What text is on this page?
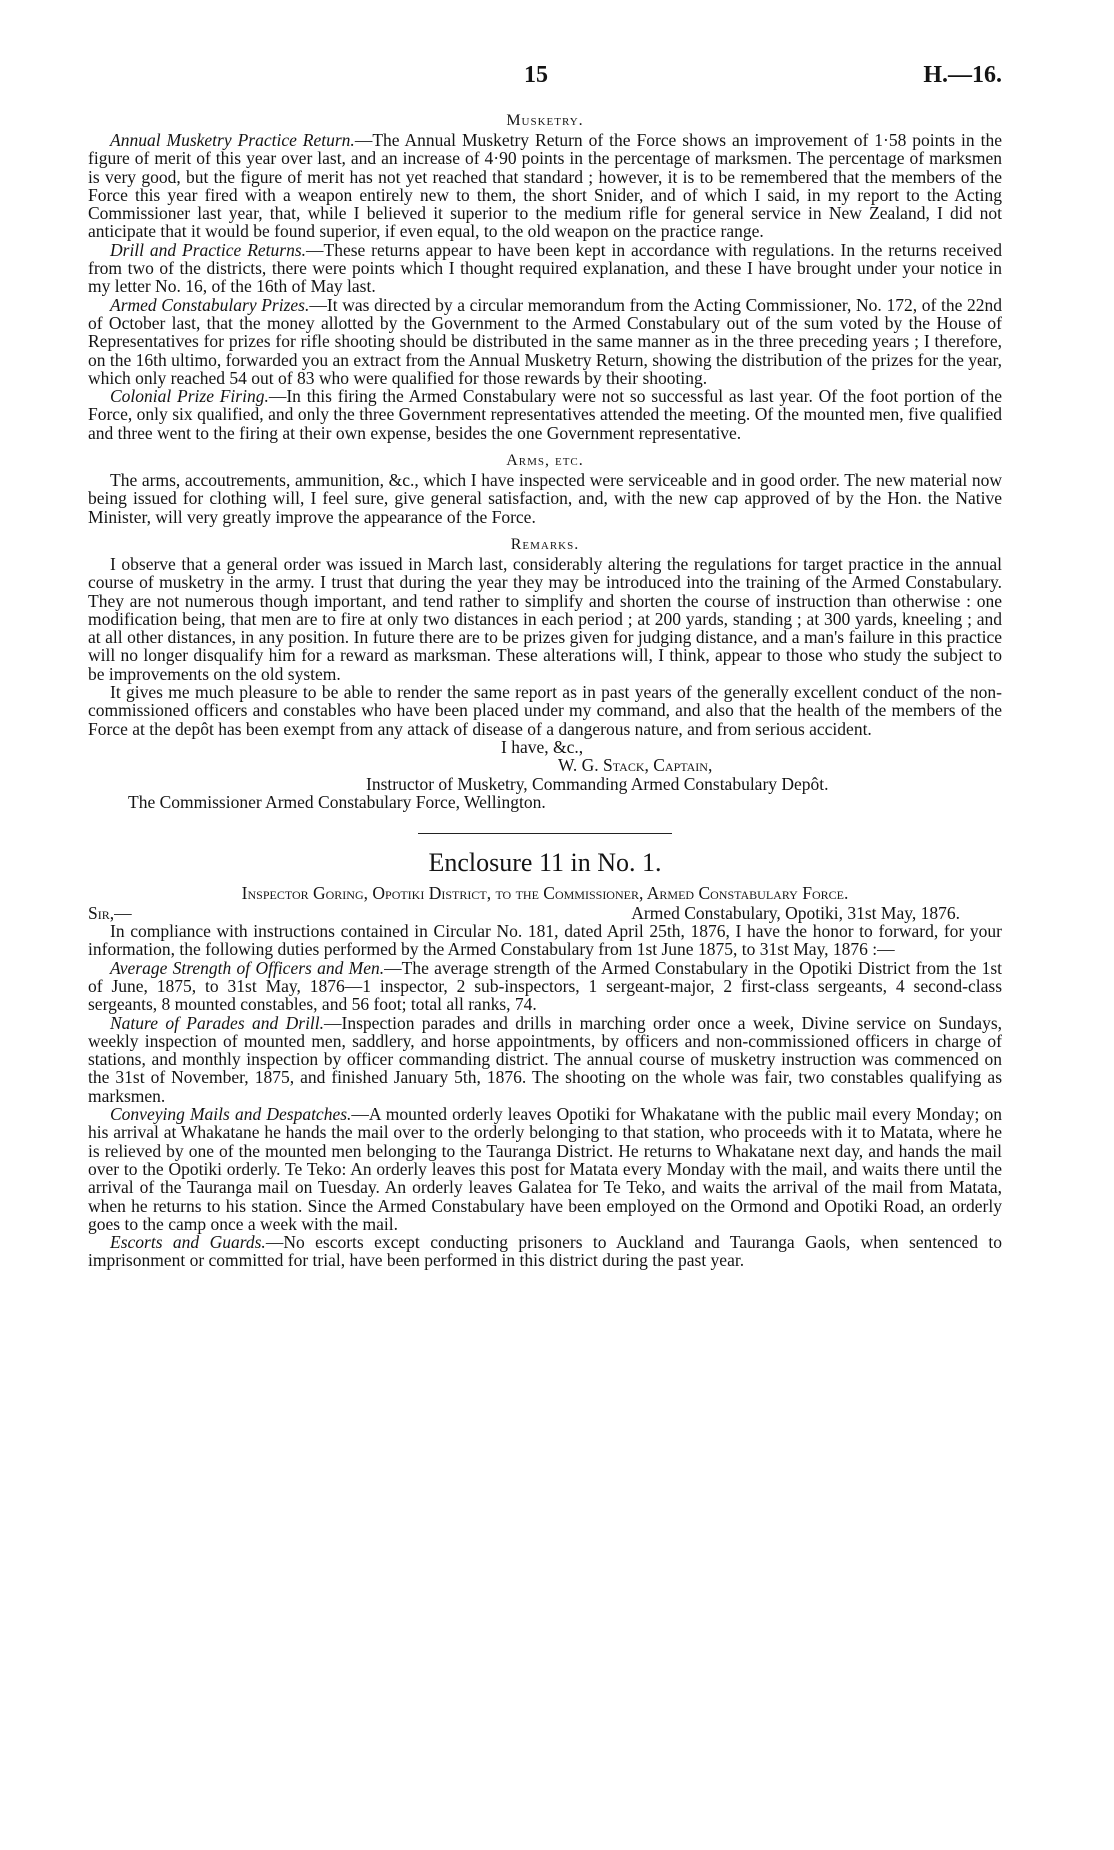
15	H.—16.
Musketry.

Annual Musketry Practice Return.—The Annual Musketry Return of the Force shows an improvement of 1·58 points in the figure of merit of this year over last, and an increase of 4·90 points in the percentage of marksmen. The percentage of marksmen is very good, but the figure of merit has not yet reached that standard ; however, it is to be remembered that the members of the Force this year fired with a weapon entirely new to them, the short Snider, and of which I said, in my report to the Acting Commissioner last year, that, while I believed it superior to the medium rifle for general service in New Zealand, I did not anticipate that it would be found superior, if even equal, to the old weapon on the practice range.

Drill and Practice Returns.—These returns appear to have been kept in accordance with regulations. In the returns received from two of the districts, there were points which I thought required explanation, and these I have brought under your notice in my letter No. 16, of the 16th of May last.

Armed Constabulary Prizes.—It was directed by a circular memorandum from the Acting Commissioner, No. 172, of the 22nd of October last, that the money allotted by the Government to the Armed Constabulary out of the sum voted by the House of Representatives for prizes for rifle shooting should be distributed in the same manner as in the three preceding years ; I therefore, on the 16th ultimo, forwarded you an extract from the Annual Musketry Return, showing the distribution of the prizes for the year, which only reached 54 out of 83 who were qualified for those rewards by their shooting.

Colonial Prize Firing.—In this firing the Armed Constabulary were not so successful as last year. Of the foot portion of the Force, only six qualified, and only the three Government representatives attended the meeting. Of the mounted men, five qualified and three went to the firing at their own expense, besides the one Government representative.

Arms, etc.

The arms, accoutrements, ammunition, &c., which I have inspected were serviceable and in good order. The new material now being issued for clothing will, I feel sure, give general satisfaction, and, with the new cap approved of by the Hon. the Native Minister, will very greatly improve the appearance of the Force.

Remarks.

I observe that a general order was issued in March last, considerably altering the regulations for target practice in the annual course of musketry in the army. I trust that during the year they may be introduced into the training of the Armed Constabulary. They are not numerous though important, and tend rather to simplify and shorten the course of instruction than otherwise : one modification being, that men are to fire at only two distances in each period ; at 200 yards, standing ; at 300 yards, kneeling ; and at all other distances, in any position. In future there are to be prizes given for judging distance, and a man's failure in this practice will no longer disqualify him for a reward as marksman. These alterations will, I think, appear to those who study the subject to be improvements on the old system.

It gives me much pleasure to be able to render the same report as in past years of the generally excellent conduct of the non-commissioned officers and constables who have been placed under my command, and also that the health of the members of the Force at the depôt has been exempt from any attack of disease of a dangerous nature, and from serious accident.

I have, &c.,
W. G. Stack, Captain,
Instructor of Musketry, Commanding Armed Constabulary Depôt.
The Commissioner Armed Constabulary Force, Wellington.
Enclosure 11 in No. 1.
Inspector Goring, Opotiki District, to the Commissioner, Armed Constabulary Force.
Sir,—	Armed Constabulary, Opotiki, 31st May, 1876.

In compliance with instructions contained in Circular No. 181, dated April 25th, 1876, I have the honor to forward, for your information, the following duties performed by the Armed Constabulary from 1st June 1875, to 31st May, 1876 :—

Average Strength of Officers and Men.—The average strength of the Armed Constabulary in the Opotiki District from the 1st of June, 1875, to 31st May, 1876—1 inspector, 2 sub-inspectors, 1 sergeant-major, 2 first-class sergeants, 4 second-class sergeants, 8 mounted constables, and 56 foot; total all ranks, 74.

Nature of Parades and Drill.—Inspection parades and drills in marching order once a week, Divine service on Sundays, weekly inspection of mounted men, saddlery, and horse appointments, by officers and non-commissioned officers in charge of stations, and monthly inspection by officer commanding district. The annual course of musketry instruction was commenced on the 31st of November, 1875, and finished January 5th, 1876. The shooting on the whole was fair, two constables qualifying as marksmen.

Conveying Mails and Despatches.—A mounted orderly leaves Opotiki for Whakatane with the public mail every Monday; on his arrival at Whakatane he hands the mail over to the orderly belonging to that station, who proceeds with it to Matata, where he is relieved by one of the mounted men belonging to the Tauranga District. He returns to Whakatane next day, and hands the mail over to the Opotiki orderly. Te Teko: An orderly leaves this post for Matata every Monday with the mail, and waits there until the arrival of the Tauranga mail on Tuesday. An orderly leaves Galatea for Te Teko, and waits the arrival of the mail from Matata, when he returns to his station. Since the Armed Constabulary have been employed on the Ormond and Opotiki Road, an orderly goes to the camp once a week with the mail.

Escorts and Guards.—No escorts except conducting prisoners to Auckland and Tauranga Gaols, when sentenced to imprisonment or committed for trial, have been performed in this district during the past year.
